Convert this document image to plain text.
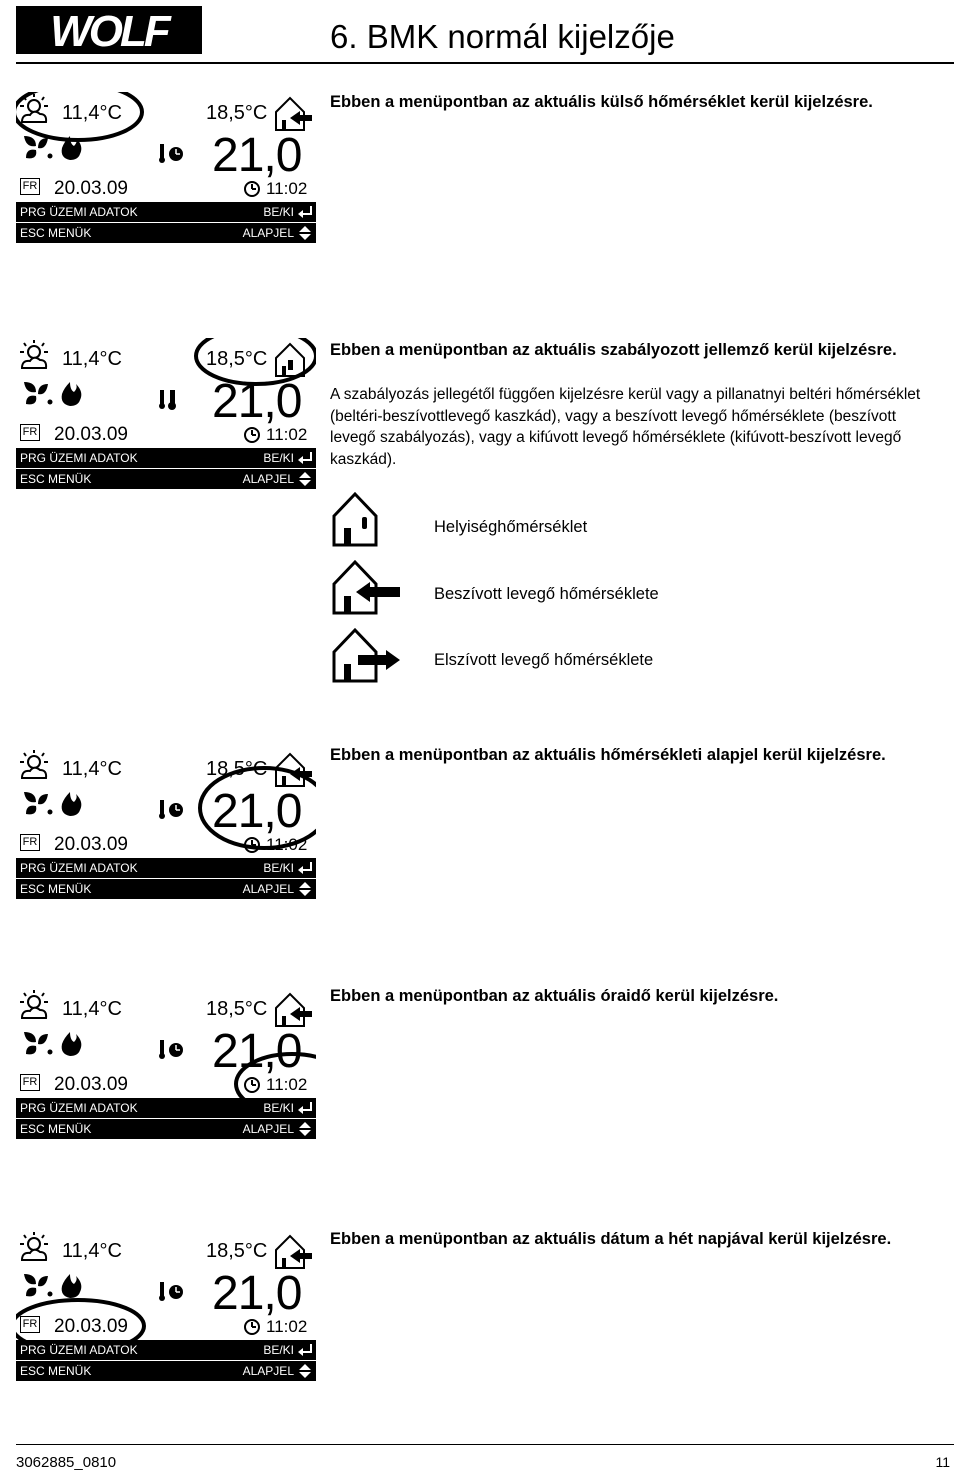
WOLF	6. BMK normál kijelzője
11,4°C	18,5°C
21,0
FR 20.03.09	11:02
PRG ÜZEMI ADATOK	BE/KI
ESC MENÜK	ALAPJEL
11,4°C	18,5°C
21,0
FR 20.03.09	11:02
PRG ÜZEMI ADATOK	BE/KI
ESC MENÜK	ALAPJEL
11,4°C	18,5°C
21,0
FR 20.03.09	11:02
PRG ÜZEMI ADATOK	BE/KI
ESC MENÜK	ALAPJEL
11,4°C	18,5°C
21,0
FR 20.03.09	11:02
PRG ÜZEMI ADATOK	BE/KI
ESC MENÜK	ALAPJEL
11,4°C	18,5°C
21,0
FR 20.03.09	11:02
PRG ÜZEMI ADATOK	BE/KI
ESC MENÜK	ALAPJEL
Ebben a menüpontban az aktuális külső hőmérséklet kerül kijelzésre.
Ebben a menüpontban az aktuális szabályozott jellemző kerül kijelzésre.
A szabályozás jellegétől függően kijelzésre kerül vagy a pillanatnyi beltéri hőmérséklet (beltéri-beszívottlevegő kaszkád), vagy a beszívott levegő hőmérséklete (beszívott levegő szabályozás), vagy a kifúvott levegő hőmérséklete (kifúvott-beszívott levegő kaszkád).
Helyiséghőmérséklet
Beszívott levegő hőmérséklete
Elszívott levegő hőmérséklete
Ebben a menüpontban az aktuális hőmérsékleti alapjel kerül kijelzésre.
Ebben a menüpontban az aktuális óraidő kerül kijelzésre.
Ebben a menüpontban az aktuális dátum a hét napjával kerül kijelzésre.
3062885_0810	11
